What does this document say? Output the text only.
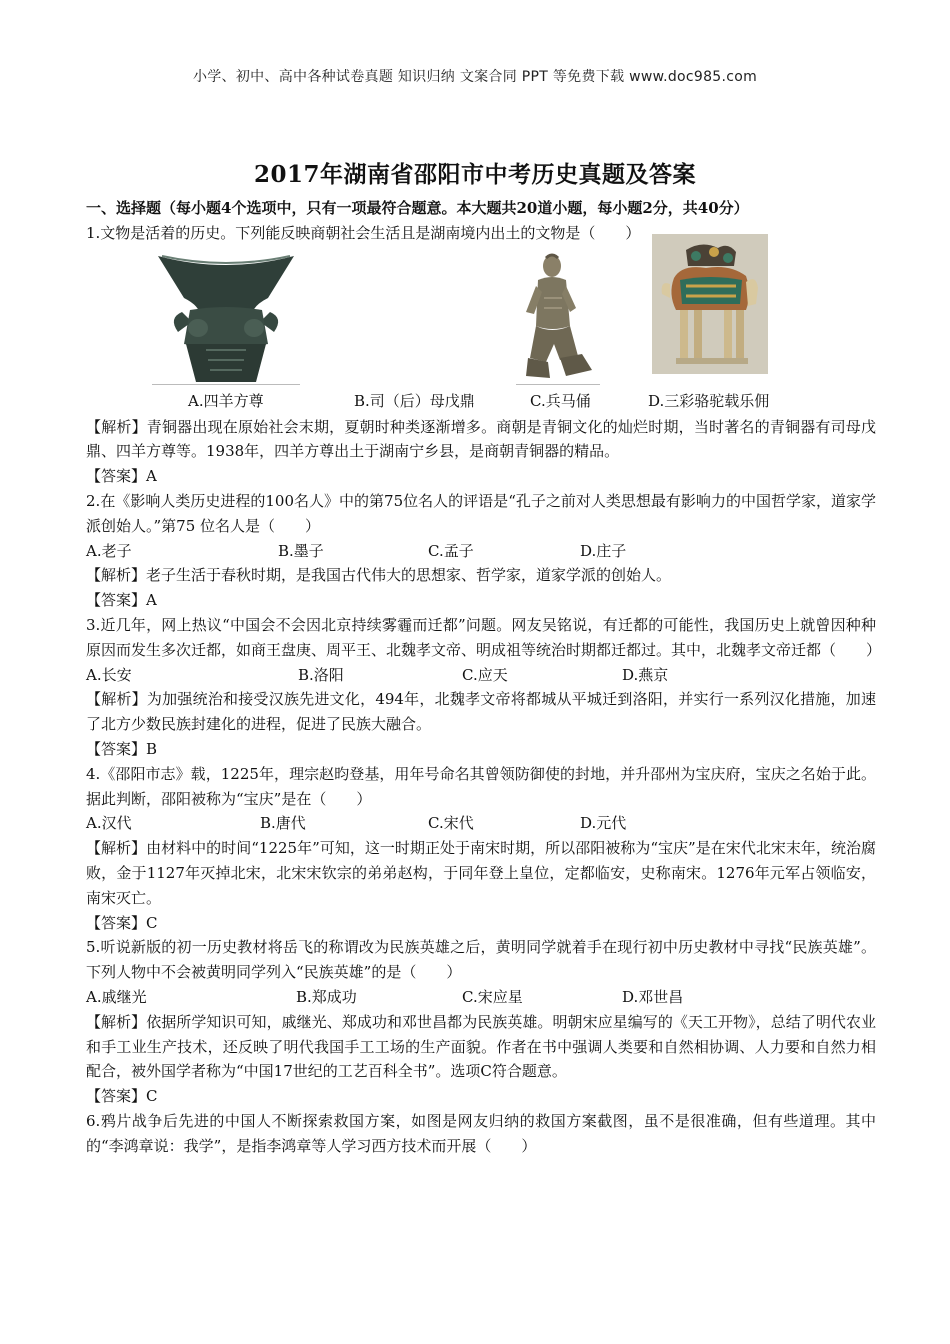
小学、初中、高中各种试卷真题 知识归纳 文案合同 PPT 等免费下载 www.doc985.com
2017年湖南省邵阳市中考历史真题及答案
一、选择题（每小题4个选项中，只有一项最符合题意。本大题共20道小题，每小题2分，共40分）
1.文物是活着的历史。下列能反映商朝社会生活且是湖南境内出土的文物是（　　）
A.四羊方尊	B.司（后）母戊鼎	C.兵马俑	D.三彩骆驼载乐佣
【解析】青铜器出现在原始社会末期，夏朝时种类逐渐增多。商朝是青铜文化的灿烂时期，当时著名的青铜器有司母戊鼎、四羊方尊等。1938年，四羊方尊出土于湖南宁乡县，是商朝青铜器的精品。
【答案】A
2.在《影响人类历史进程的100名人》中的第75位名人的评语是“孔子之前对人类思想最有影响力的中国哲学家，道家学派创始人。”第75 位名人是（　　）
A.老子	B.墨子	C.孟子	D.庄子
【解析】老子生活于春秋时期，是我国古代伟大的思想家、哲学家，道家学派的创始人。
【答案】A
3.近几年，网上热议“中国会不会因北京持续雾霾而迁都”问题。网友吴铭说，有迁都的可能性，我国历史上就曾因种种原因而发生多次迁都，如商王盘庚、周平王、北魏孝文帝、明成祖等统治时期都迁都过。其中，北魏孝文帝迁都（　　）
A.长安	B.洛阳	C.应天	D.燕京
【解析】为加强统治和接受汉族先进文化，494年，北魏孝文帝将都城从平城迁到洛阳，并实行一系列汉化措施，加速了北方少数民族封建化的进程，促进了民族大融合。
【答案】B
4.《邵阳市志》载，1225年，理宗赵昀登基，用年号命名其曾领防御使的封地，并升邵州为宝庆府，宝庆之名始于此。据此判断，邵阳被称为“宝庆”是在（　　）
A.汉代	B.唐代	C.宋代	D.元代
【解析】由材料中的时间“1225年”可知，这一时期正处于南宋时期，所以邵阳被称为“宝庆”是在宋代北宋末年，统治腐败，金于1127年灭掉北宋，北宋宋钦宗的弟弟赵构，于同年登上皇位，定都临安，史称南宋。1276年元军占领临安，南宋灭亡。
【答案】C
5.听说新版的初一历史教材将岳飞的称谓改为民族英雄之后，黄明同学就着手在现行初中历史教材中寻找“民族英雄”。下列人物中不会被黄明同学列入“民族英雄”的是（　　）
A.戚继光	B.郑成功	C.宋应星	D.邓世昌
【解析】依据所学知识可知，戚继光、郑成功和邓世昌都为民族英雄。明朝宋应星编写的《天工开物》，总结了明代农业和手工业生产技术，还反映了明代我国手工工场的生产面貌。作者在书中强调人类要和自然相协调、人力要和自然力相配合，被外国学者称为“中国17世纪的工艺百科全书”。选项C符合题意。
【答案】C
6.鸦片战争后先进的中国人不断探索救国方案，如图是网友归纳的救国方案截图，虽不是很准确，但有些道理。其中的“李鸿章说：我学”，是指李鸿章等人学习西方技术而开展（　　）
